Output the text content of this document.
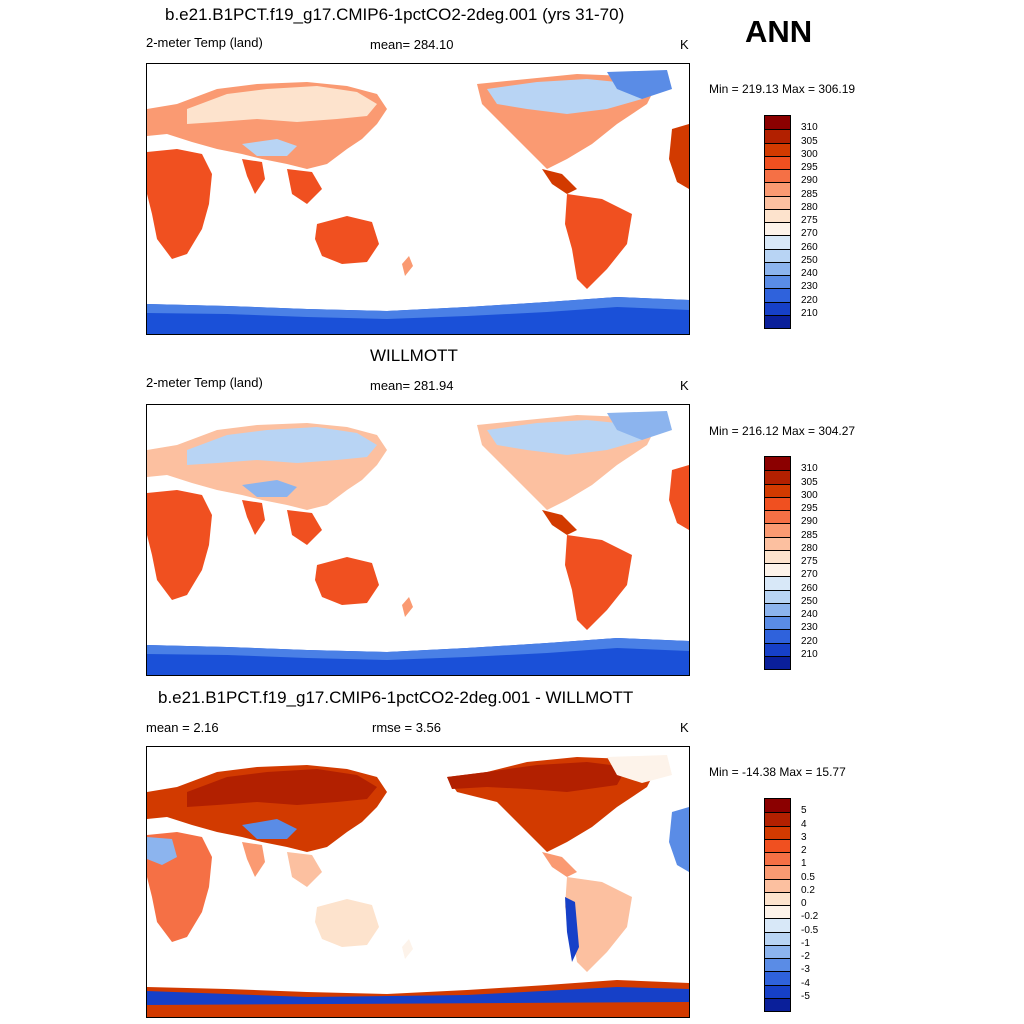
ANN
b.e21.B1PCT.f19_g17.CMIP6-1pctCO2-2deg.001 (yrs 31-70)
2-meter Temp (land)	mean= 284.10	K
Min = 219.13 Max = 306.19
310
305
300
295
290
285
280
275
270
260
250
240
230
220
210
WILLMOTT
2-meter Temp (land)	mean= 281.94	K
Min = 216.12 Max = 304.27
310
305
300
295
290
285
280
275
270
260
250
240
230
220
210
b.e21.B1PCT.f19_g17.CMIP6-1pctCO2-2deg.001 - WILLMOTT
mean = 2.16	rmse = 3.56	K
Min = -14.38 Max = 15.77
5
4
3
2
1
0.5
0.2
0
-0.2
-0.5
-1
-2
-3
-4
-5
